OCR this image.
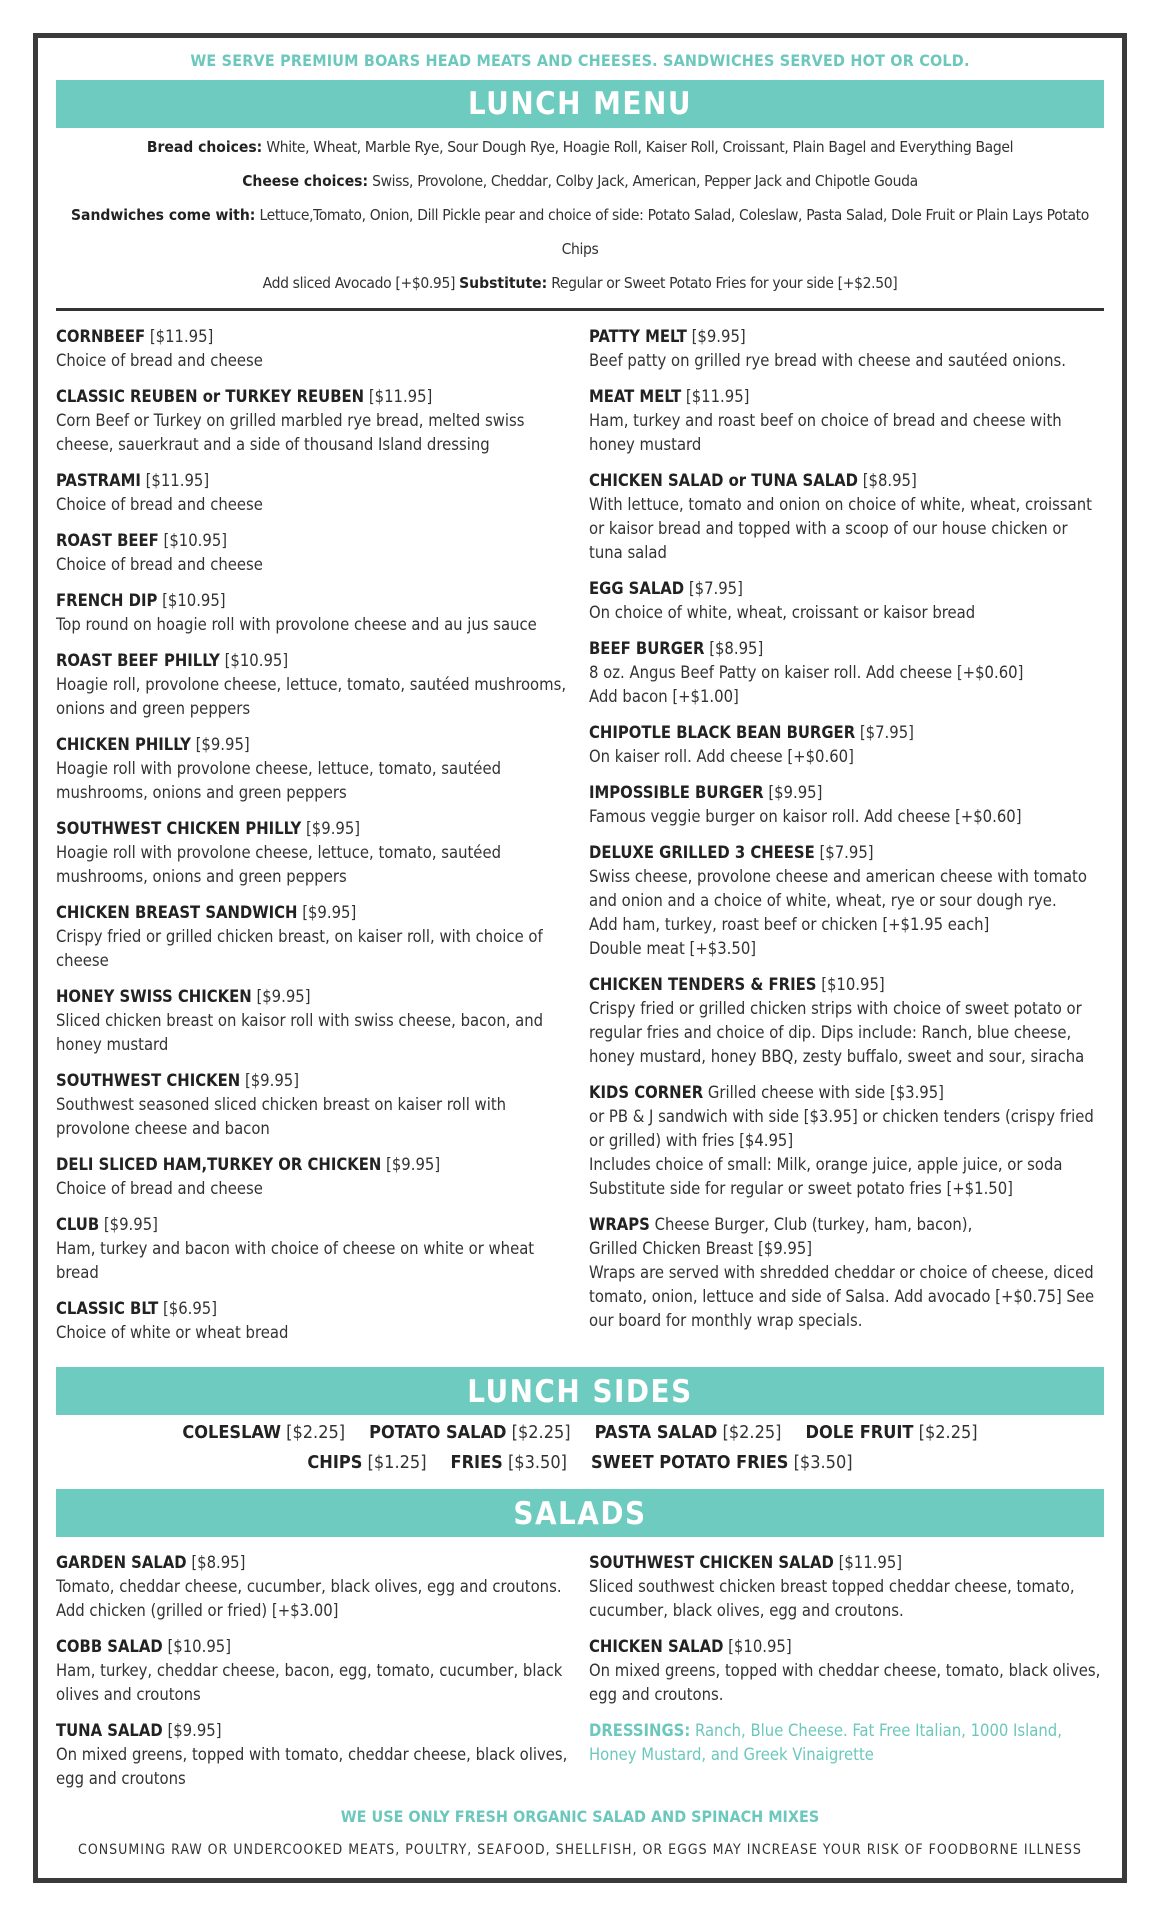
WE SERVE PREMIUM BOARS HEAD MEATS AND CHEESES. SANDWICHES SERVED HOT OR COLD.
LUNCH MENU
Bread choices: White, Wheat, Marble Rye, Sour Dough Rye, Hoagie Roll, Kaiser Roll, Croissant, Plain Bagel and Everything Bagel
Cheese choices: Swiss, Provolone, Cheddar, Colby Jack, American, Pepper Jack and Chipotle Gouda
Sandwiches come with: Lettuce,Tomato, Onion, Dill Pickle pear and choice of side: Potato Salad, Coleslaw, Pasta Salad, Dole Fruit or Plain Lays Potato Chips
Add sliced Avocado [+$0.95] Substitute: Regular or Sweet Potato Fries for your side [+$2.50]
CORNBEEF [$11.95]
Choice of bread and cheese
CLASSIC REUBEN or TURKEY REUBEN [$11.95]
Corn Beef or Turkey on grilled marbled rye bread, melted swiss cheese, sauerkraut and a side of thousand Island dressing
PASTRAMI [$11.95]
Choice of bread and cheese
ROAST BEEF [$10.95]
Choice of bread and cheese
FRENCH DIP [$10.95]
Top round on hoagie roll with provolone cheese and au jus sauce
ROAST BEEF PHILLY [$10.95]
Hoagie roll, provolone cheese, lettuce, tomato, sautéed mushrooms, onions and green peppers
CHICKEN PHILLY [$9.95]
Hoagie roll with provolone cheese, lettuce, tomato, sautéed mushrooms, onions and green peppers
SOUTHWEST CHICKEN PHILLY [$9.95]
Hoagie roll with provolone cheese, lettuce, tomato, sautéed mushrooms, onions and green peppers
CHICKEN BREAST SANDWICH [$9.95]
Crispy fried or grilled chicken breast, on kaiser roll, with choice of cheese
HONEY SWISS CHICKEN [$9.95]
Sliced chicken breast on kaisor roll with swiss cheese, bacon, and honey mustard
SOUTHWEST CHICKEN [$9.95]
Southwest seasoned sliced chicken breast on kaiser roll with provolone cheese and bacon
DELI SLICED HAM,TURKEY OR CHICKEN [$9.95]
Choice of bread and cheese
CLUB [$9.95]
Ham, turkey and bacon with choice of cheese on white or wheat bread
CLASSIC BLT [$6.95]
Choice of white or wheat bread
PATTY MELT [$9.95]
Beef patty on grilled rye bread with cheese and sautéed onions.
MEAT MELT [$11.95]
Ham, turkey and roast beef on choice of bread and cheese with honey mustard
CHICKEN SALAD or TUNA SALAD [$8.95]
With lettuce, tomato and onion on choice of white, wheat, croissant or kaisor bread and topped with a scoop of our house chicken or tuna salad
EGG SALAD [$7.95]
On choice of white, wheat, croissant or kaisor bread
BEEF BURGER [$8.95]
8 oz. Angus Beef Patty on kaiser roll. Add cheese [+$0.60]
Add bacon [+$1.00]
CHIPOTLE BLACK BEAN BURGER [$7.95]
On kaiser roll. Add cheese [+$0.60]
IMPOSSIBLE BURGER [$9.95]
Famous veggie burger on kaisor roll. Add cheese [+$0.60]
DELUXE GRILLED 3 CHEESE [$7.95]
Swiss cheese, provolone cheese and american cheese with tomato and onion and a choice of white, wheat, rye or sour dough rye.
Add ham, turkey, roast beef or chicken [+$1.95 each]
Double meat [+$3.50]
CHICKEN TENDERS & FRIES [$10.95]
Crispy fried or grilled chicken strips with choice of sweet potato or regular fries and choice of dip. Dips include: Ranch, blue cheese, honey mustard, honey BBQ, zesty buffalo, sweet and sour, siracha
KIDS CORNER Grilled cheese with side [$3.95]
or PB & J sandwich with side [$3.95] or chicken tenders (crispy fried or grilled) with fries [$4.95]
Includes choice of small: Milk, orange juice, apple juice, or soda
Substitute side for regular or sweet potato fries [+$1.50]
WRAPS Cheese Burger, Club (turkey, ham, bacon),
Grilled Chicken Breast [$9.95]
Wraps are served with shredded cheddar or choice of cheese, diced tomato, onion, lettuce and side of Salsa. Add avocado [+$0.75] See our board for monthly wrap specials.
LUNCH SIDES
COLESLAW [$2.25] POTATO SALAD [$2.25] PASTA SALAD [$2.25] DOLE FRUIT [$2.25]
CHIPS [$1.25] FRIES [$3.50] SWEET POTATO FRIES [$3.50]
SALADS
GARDEN SALAD [$8.95]
Tomato, cheddar cheese, cucumber, black olives, egg and croutons. Add chicken (grilled or fried) [+$3.00]
COBB SALAD [$10.95]
Ham, turkey, cheddar cheese, bacon, egg, tomato, cucumber, black olives and croutons
TUNA SALAD [$9.95]
On mixed greens, topped with tomato, cheddar cheese, black olives, egg and croutons
SOUTHWEST CHICKEN SALAD [$11.95]
Sliced southwest chicken breast topped cheddar cheese, tomato, cucumber, black olives, egg and croutons.
CHICKEN SALAD [$10.95]
On mixed greens, topped with cheddar cheese, tomato, black olives, egg and croutons.
DRESSINGS: Ranch, Blue Cheese. Fat Free Italian, 1000 Island, Honey Mustard, and Greek Vinaigrette
WE USE ONLY FRESH ORGANIC SALAD AND SPINACH MIXES
CONSUMING RAW OR UNDERCOOKED MEATS, POULTRY, SEAFOOD, SHELLFISH, OR EGGS MAY INCREASE YOUR RISK OF FOODBORNE ILLNESS
